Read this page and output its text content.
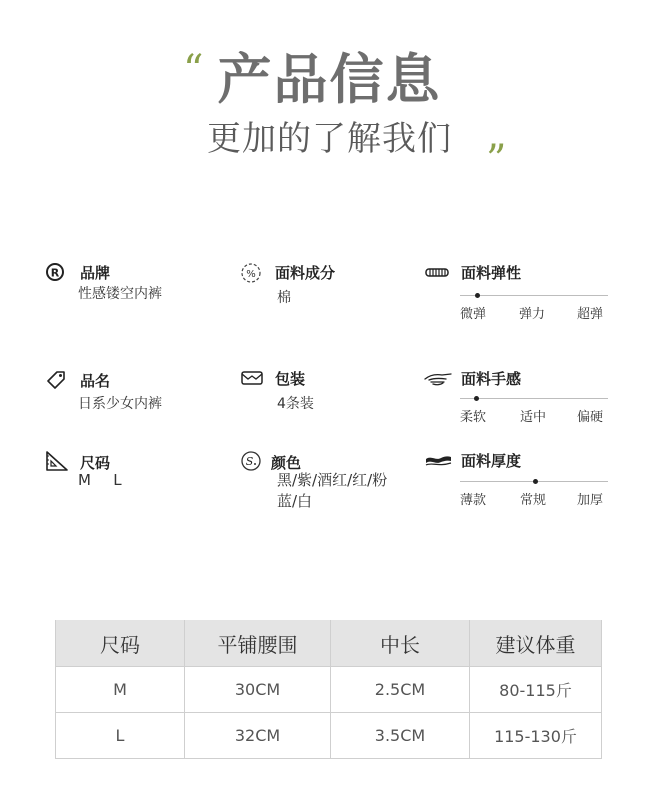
“ 产品信息
更加的了解我们 ”
R 品牌
性感镂空内裤
% 面料成分
棉
面料弹性
微弹	弹力 超弹
品名
日系少女内裤
包装
4条装
面料手感
柔软	适中 偏硬
尺码
M   L
S 颜色
黑/紫/酒红/红/粉
蓝/白
面料厚度
薄款	常规 加厚
尺码	平铺腰围	中长	建议体重
M	30CM	2.5CM	80-115斤
L	32CM	3.5CM	115-130斤
